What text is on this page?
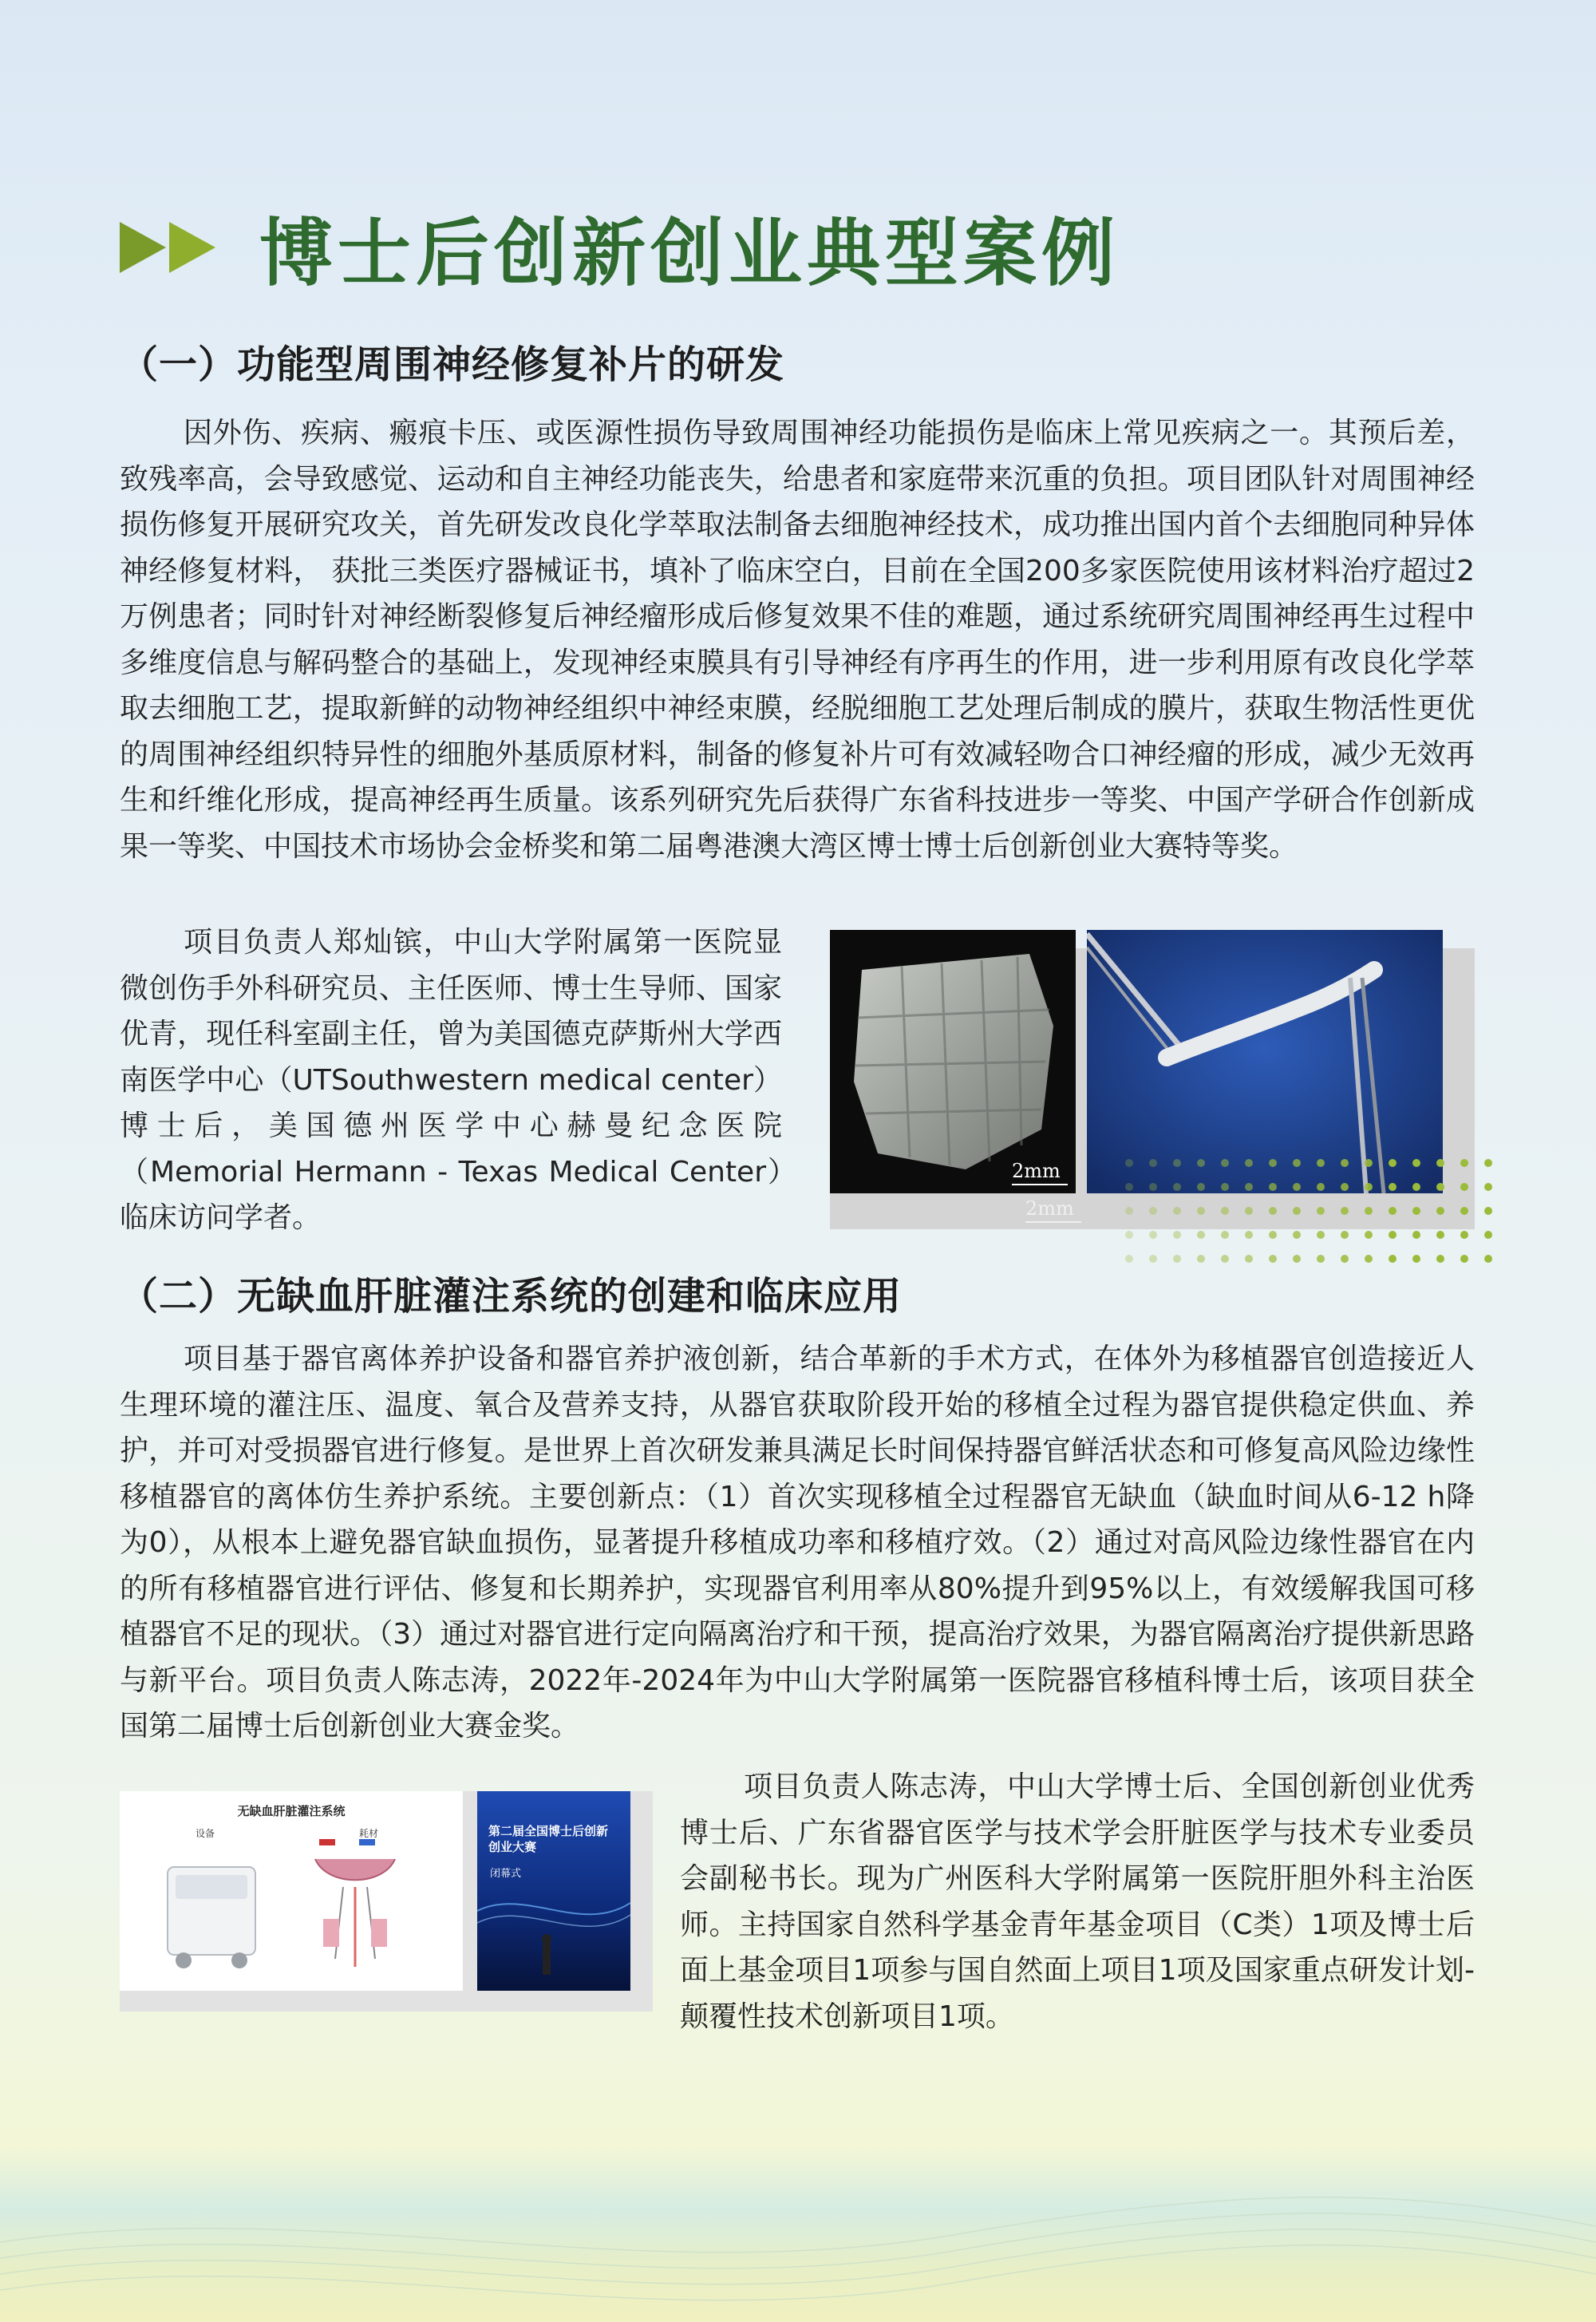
博士后创新创业典型案例
（一）功能型周围神经修复补片的研发

因外伤、疾病、瘢痕卡压、或医源性损伤导致周围神经功能损伤是临床上常见疾病之一。其预后差，致残率高，会导致感觉、运动和自主神经功能丧失，给患者和家庭带来沉重的负担。项目团队针对周围神经损伤修复开展研究攻关，首先研发改良化学萃取法制备去细胞神经技术，成功推出国内首个去细胞同种异体神经修复材料， 获批三类医疗器械证书，填补了临床空白，目前在全国200多家医院使用该材料治疗超过2万例患者；同时针对神经断裂修复后神经瘤形成后修复效果不佳的难题，通过系统研究周围神经再生过程中多维度信息与解码整合的基础上，发现神经束膜具有引导神经有序再生的作用，进一步利用原有改良化学萃取去细胞工艺，提取新鲜的动物神经组织中神经束膜，经脱细胞工艺处理后制成的膜片，获取生物活性更优的周围神经组织特异性的细胞外基质原材料，制备的修复补片可有效减轻吻合口神经瘤的形成，减少无效再生和纤维化形成，提高神经再生质量。该系列研究先后获得广东省科技进步一等奖、中国产学研合作创新成果一等奖、中国技术市场协会金桥奖和第二届粤港澳大湾区博士博士后创新创业大赛特等奖。

项目负责人郑灿镔，中山大学附属第一医院显微创伤手外科研究员、主任医师、博士生导师、国家优青，现任科室副主任，曾为美国德克萨斯州大学西南医学中心（UTSouthwestern medical center）博士后，美国德州医学中心赫曼纪念医院（Memorial Hermann - Texas Medical Center）临床访问学者。

2mm
2mm
（二）无缺血肝脏灌注系统的创建和临床应用

项目基于器官离体养护设备和器官养护液创新，结合革新的手术方式，在体外为移植器官创造接近人生理环境的灌注压、温度、氧合及营养支持，从器官获取阶段开始的移植全过程为器官提供稳定供血、养护，并可对受损器官进行修复。是世界上首次研发兼具满足长时间保持器官鲜活状态和可修复高风险边缘性移植器官的离体仿生养护系统。主要创新点：（1）首次实现移植全过程器官无缺血（缺血时间从6-12 h降为0），从根本上避免器官缺血损伤，显著提升移植成功率和移植疗效。（2）通过对高风险边缘性器官在内的所有移植器官进行评估、修复和长期养护，实现器官利用率从80%提升到95%以上，有效缓解我国可移植器官不足的现状。（3）通过对器官进行定向隔离治疗和干预，提高治疗效果，为器官隔离治疗提供新思路与新平台。项目负责人陈志涛，2022年-2024年为中山大学附属第一医院器官移植科博士后，该项目获全国第二届博士后创新创业大赛金奖。

无缺血肝脏灌注系统
设备	耗材	第二届全国博士后创新创业大赛
闭幕式

项目负责人陈志涛，中山大学博士后、全国创新创业优秀博士后、广东省器官医学与技术学会肝脏医学与技术专业委员会副秘书长。现为广州医科大学附属第一医院肝胆外科主治医师。主持国家自然科学基金青年基金项目（C类）1项及博士后面上基金项目1项参与国自然面上项目1项及国家重点研发计划-颠覆性技术创新项目1项。
